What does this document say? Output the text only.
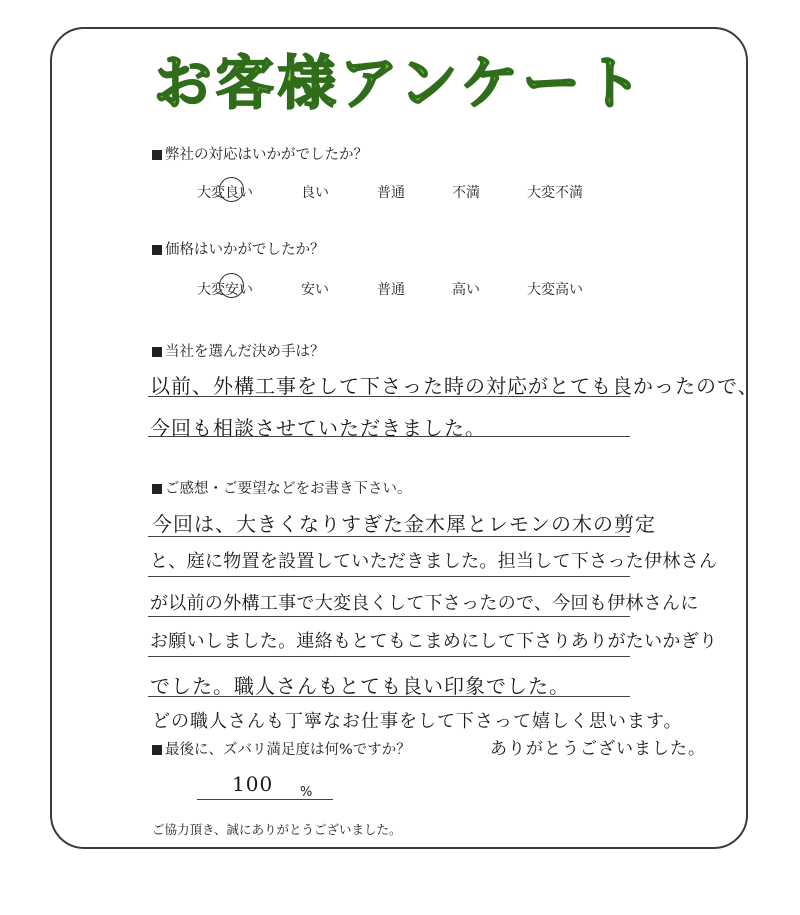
お客様アンケート
弊社の対応はいかがでしたか？
大変良い	良い	普通	不満	大変不満
価格はいかがでしたか？
大変安い	安い	普通	高い	大変高い
当社を選んだ決め手は？
以前、外構工事をして下さった時の対応がとても良かったので、
今回も相談させていただきました。
ご感想・ご要望などをお書き下さい。
今回は、大きくなりすぎた金木犀とレモンの木の剪定
と、庭に物置を設置していただきました。担当して下さった伊林さん
が以前の外構工事で大変良くして下さったので、今回も伊林さんに
お願いしました。連絡もとてもこまめにして下さりありがたいかぎり
でした。職人さんもとても良い印象でした。
どの職人さんも丁寧なお仕事をして下さって嬉しく思います。
ありがとうございました。
最後に、ズバリ満足度は何%ですか？
100 %
ご協力頂き、誠にありがとうございました。
